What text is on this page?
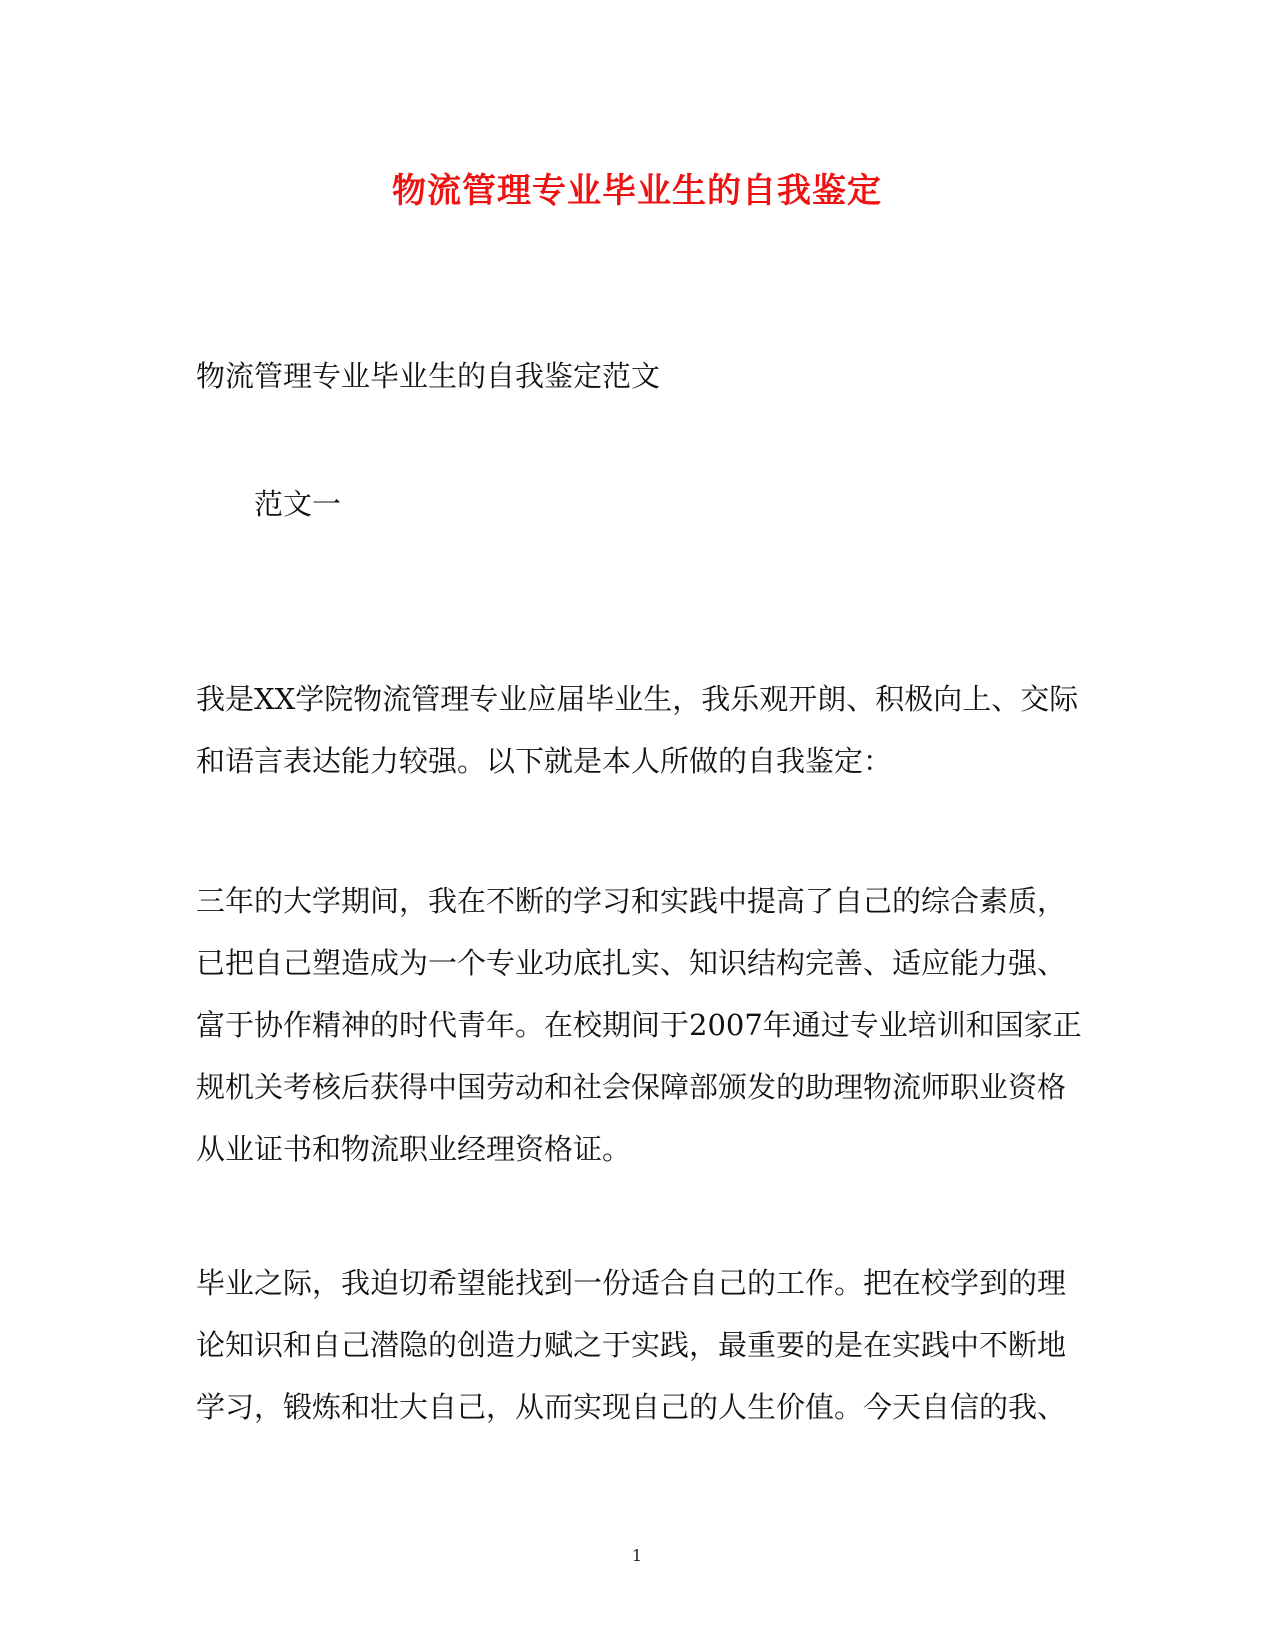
物流管理专业毕业生的自我鉴定
物流管理专业毕业生的自我鉴定范文
范文一
我是XX学院物流管理专业应届毕业生，我乐观开朗、积极向上、交际
和语言表达能力较强。以下就是本人所做的自我鉴定：
三年的大学期间，我在不断的学习和实践中提高了自己的综合素质，
已把自己塑造成为一个专业功底扎实、知识结构完善、适应能力强、
富于协作精神的时代青年。在校期间于2007年通过专业培训和国家正
规机关考核后获得中国劳动和社会保障部颁发的助理物流师职业资格
从业证书和物流职业经理资格证。
毕业之际，我迫切希望能找到一份适合自己的工作。把在校学到的理
论知识和自己潜隐的创造力赋之于实践，最重要的是在实践中不断地
学习，锻炼和壮大自己，从而实现自己的人生价值。今天自信的我、
1
